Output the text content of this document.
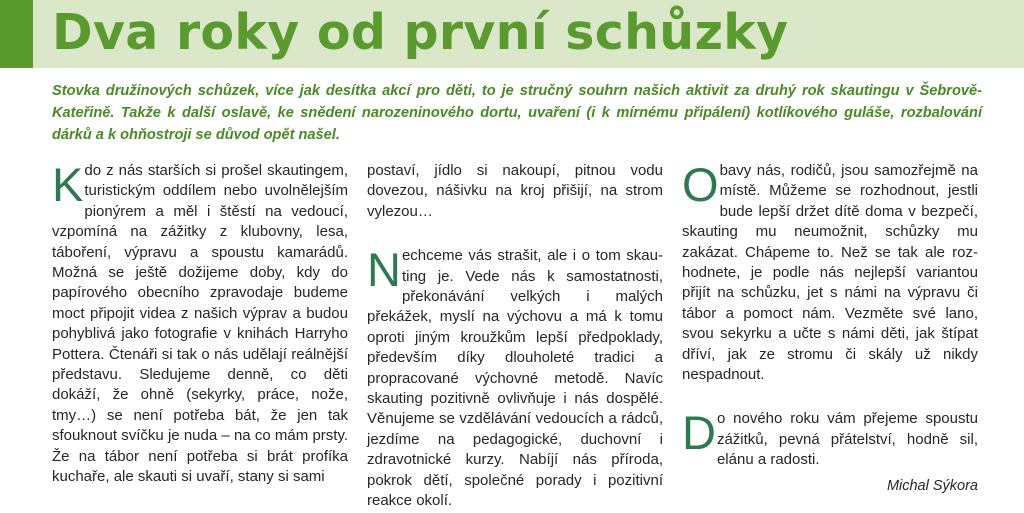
Dva roky od první schůzky
Stovka družinových schůzek, více jak desítka akcí pro děti, to je stručný souhrn našich aktivit za druhý rok skautingu v Šebrově-Kateřině. Takže k další oslavě, ke snědení narozeninového dortu, uvaření (i k mírnému připálení) kotlíkového guláše, rozbalování dárků a k ohňostroji se důvod opět našel.

Kdo z nás starších si prošel skautingem, turistickým oddílem nebo uvolnělejším pionýrem a měl i štěstí na vedoucí, vzpomíná na zážitky z klubovny, lesa, táboření, výpravu a spoustu kamarádů. Možná se ještě dožijeme doby, kdy do papírového obecního zpravodaje budeme moct připojit videa z našich výprav a budou pohyblivá jako fotografie v knihách Harryho Pottera. Čtenáři si tak o nás udělají reálnější představu. Sledujeme denně, co děti dokáží, že ohně (sekyrky, práce, nože, tmy…) se není potřeba bát, že jen tak sfouknout svíčku je nuda – na co mám prsty. Že na tábor není potřeba si brát profíka kuchaře, ale skauti si uvaří, stany si sami

postaví, jídlo si nakoupí, pitnou vodu dovezou, nášivku na kroj přišijí, na strom vylezou…

Nechceme vás strašit, ale i o tom skauting je. Vede nás k samostatnosti, překonávání velkých i malých překážek, myslí na výchovu a má k tomu oproti jiným kroužkům lepší předpoklady, především díky dlouholeté tradici a propracované výchovné metodě. Navíc skauting pozitivně ovlivňuje i nás dospělé. Věnujeme se vzdělávání vedoucích a rádců, jezdíme na pedagogické, duchovní i zdravotnické kurzy. Nabíjí nás příroda, pokrok dětí, společné porady i pozitivní reakce okolí.

Obavy nás, rodičů, jsou samozřejmě na místě. Můžeme se rozhodnout, jestli bude lepší držet dítě doma v bezpečí, skauting mu neumožnit, schůzky mu zakázat. Chápeme to. Než se tak ale rozhodnete, je podle nás nejlepší variantou přijít na schůzku, jet s námi na výpravu či tábor a pomoct nám. Vezměte své lano, svou sekyrku a učte s námi děti, jak štípat dříví, jak ze stromu či skály už nikdy nespadnout.

Do nového roku vám přejeme spoustu zážitků, pevná přátelství, hodně sil, elánu a radosti.

Michal Sýkora
